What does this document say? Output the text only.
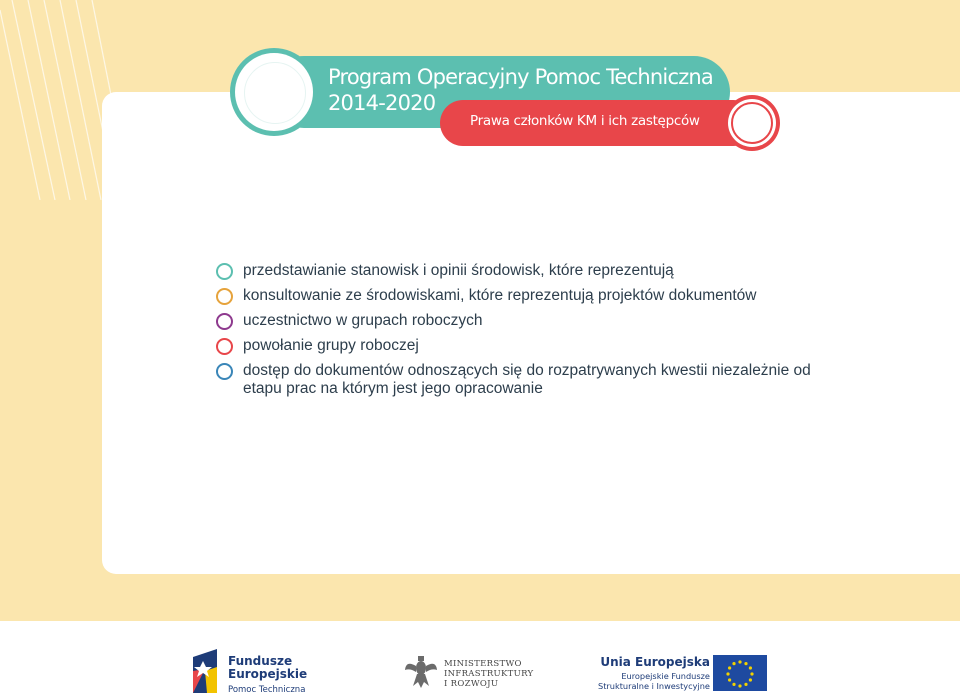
Program Operacyjny Pomoc Techniczna 2014-2020
Prawa członków KM i ich zastępców
przedstawianie stanowisk i opinii środowisk, które reprezentują
konsultowanie ze środowiskami, które reprezentują projektów dokumentów
uczestnictwo w grupach roboczych
powołanie grupy roboczej
dostęp do dokumentów odnoszących się do rozpatrywanych kwestii niezależnie od etapu prac na którym jest jego opracowanie
Fundusze
Europejskie
Pomoc Techniczna
MINISTERSTWO
INFRASTRUKTURY
I ROZWOJU
Unia Europejska
Europejskie Fundusze
Strukturalne i Inwestycyjne
